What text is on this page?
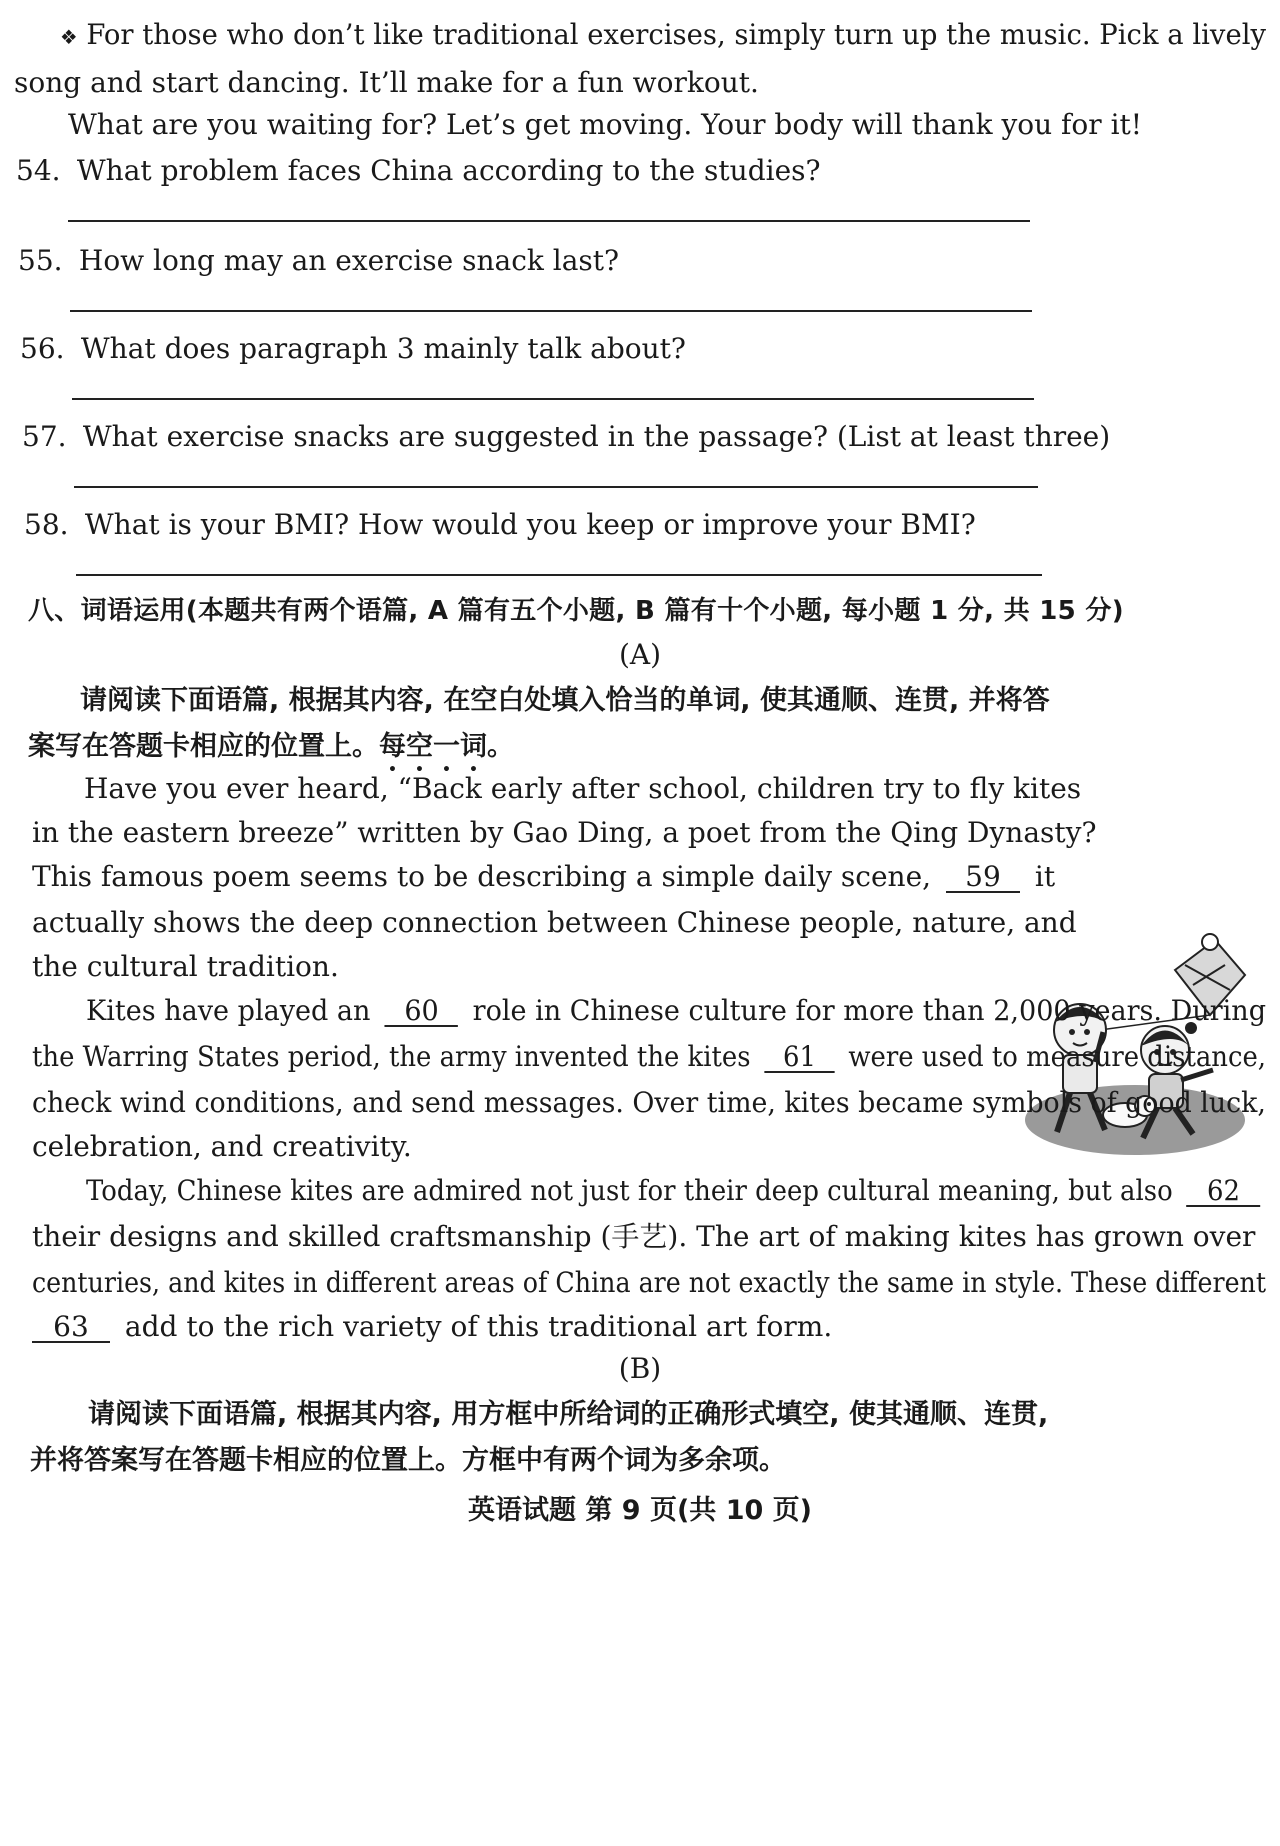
❖ For those who don’t like traditional exercises, simply turn up the music. Pick a lively
song and start dancing. It’ll make for a fun workout.
What are you waiting for? Let’s get moving. Your body will thank you for it!
54. What problem faces China according to the studies?
55. How long may an exercise snack last?
56. What does paragraph 3 mainly talk about?
57. What exercise snacks are suggested in the passage? (List at least three)
58. What is your BMI? How would you keep or improve your BMI?
八、词语运用(本题共有两个语篇, A 篇有五个小题, B 篇有十个小题, 每小题 1 分, 共 15 分)
(A)
请阅读下面语篇, 根据其内容, 在空白处填入恰当的单词, 使其通顺、连贯, 并将答
案写在答题卡相应的位置上。每空一词。
Have you ever heard, “Back early after school, children try to fly kites
in the eastern breeze” written by Gao Ding, a poet from the Qing Dynasty?
This famous poem seems to be describing a simple daily scene, 59 it
actually shows the deep connection between Chinese people, nature, and
the cultural tradition.
Kites have played an 60 role in Chinese culture for more than 2,000 years. During
the Warring States period, the army invented the kites 61 were used to measure distance,
check wind conditions, and send messages. Over time, kites became symbols of good luck,
celebration, and creativity.
Today, Chinese kites are admired not just for their deep cultural meaning, but also 62
their designs and skilled craftsmanship (手艺). The art of making kites has grown over
centuries, and kites in different areas of China are not exactly the same in style. These different
63 add to the rich variety of this traditional art form.
(B)
请阅读下面语篇, 根据其内容, 用方框中所给词的正确形式填空, 使其通顺、连贯,
并将答案写在答题卡相应的位置上。方框中有两个词为多余项。
英语试题 第 9 页(共 10 页)
